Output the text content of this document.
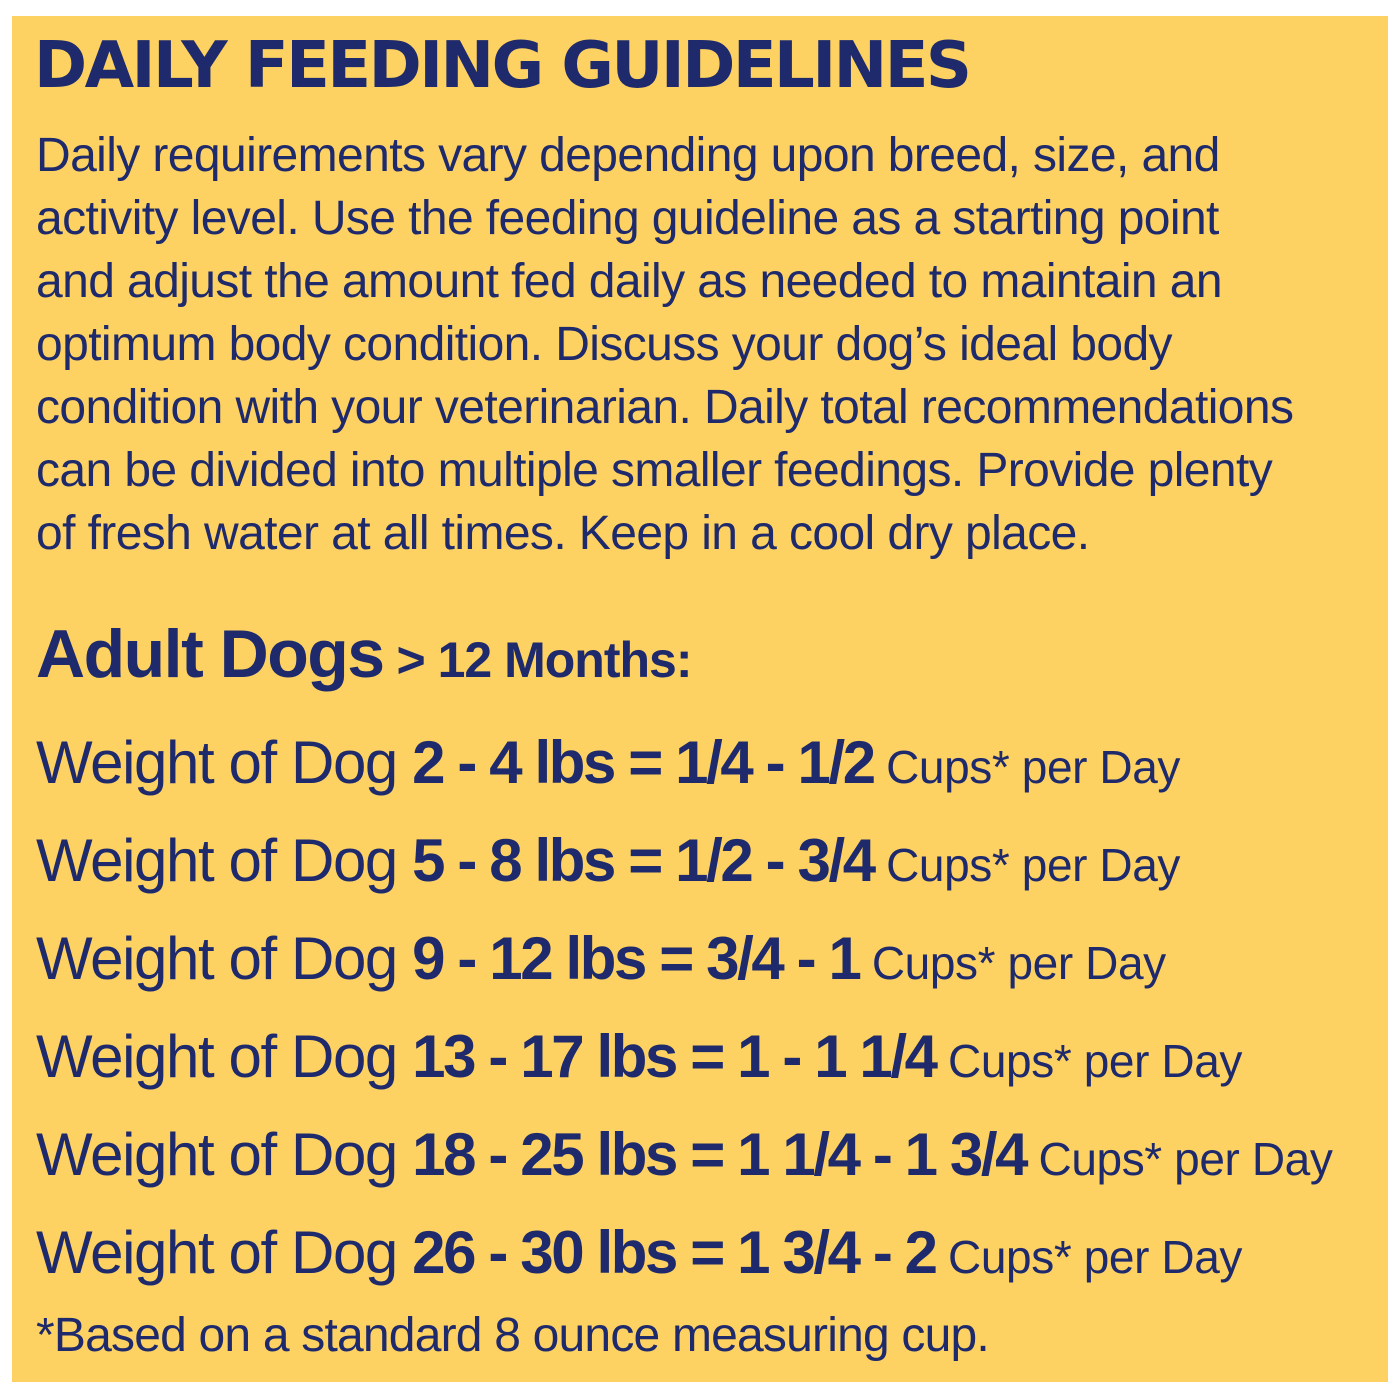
DAILY FEEDING GUIDELINES

Daily requirements vary depending upon breed, size, and
activity level. Use the feeding guideline as a starting point
and adjust the amount fed daily as needed to maintain an
optimum body condition. Discuss your dog’s ideal body
condition with your veterinarian. Daily total recommendations
can be divided into multiple smaller feedings. Provide plenty
of fresh water at all times. Keep in a cool dry place.

Adult Dogs > 12 Months:
Weight of Dog 2 - 4 lbs = 1/4 - 1/2 Cups* per Day
Weight of Dog 5 - 8 lbs = 1/2 - 3/4 Cups* per Day
Weight of Dog 9 - 12 lbs = 3/4 - 1 Cups* per Day
Weight of Dog 13 - 17 lbs = 1 - 1 1/4 Cups* per Day
Weight of Dog 18 - 25 lbs = 1 1/4 - 1 3/4 Cups* per Day
Weight of Dog 26 - 30 lbs = 1 3/4 - 2 Cups* per Day

*Based on a standard 8 ounce measuring cup.
